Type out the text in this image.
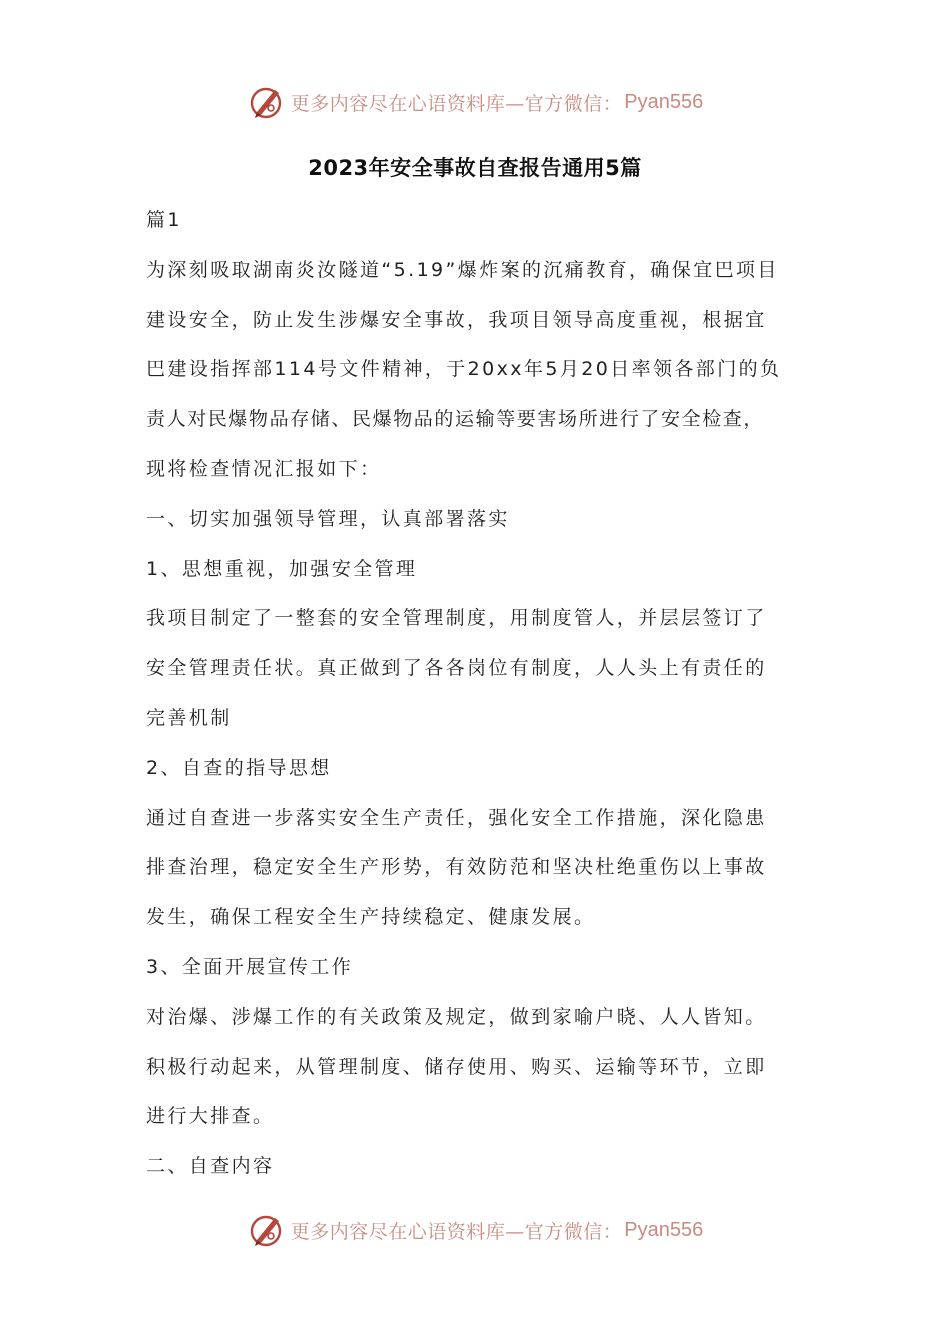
更多内容尽在心语资料库—官方微信： Pyan556
2023年安全事故自查报告通用5篇
篇1
为深刻吸取湖南炎汝隧道“5.19”爆炸案的沉痛教育，确保宜巴项目
建设安全，防止发生涉爆安全事故，我项目领导高度重视，根据宜
巴建设指挥部114号文件精神，于20xx年5月20日率领各部门的负
责人对民爆物品存储、民爆物品的运输等要害场所进行了安全检查，
现将检查情况汇报如下：
一、切实加强领导管理，认真部署落实
1、思想重视，加强安全管理
我项目制定了一整套的安全管理制度，用制度管人，并层层签订了
安全管理责任状。真正做到了各各岗位有制度，人人头上有责任的
完善机制
2、自查的指导思想
通过自查进一步落实安全生产责任，强化安全工作措施，深化隐患
排查治理，稳定安全生产形势，有效防范和坚决杜绝重伤以上事故
发生，确保工程安全生产持续稳定、健康发展。
3、全面开展宣传工作
对治爆、涉爆工作的有关政策及规定，做到家喻户晓、人人皆知。
积极行动起来，从管理制度、储存使用、购买、运输等环节，立即
进行大排查。
二、自查内容
更多内容尽在心语资料库—官方微信： Pyan556
